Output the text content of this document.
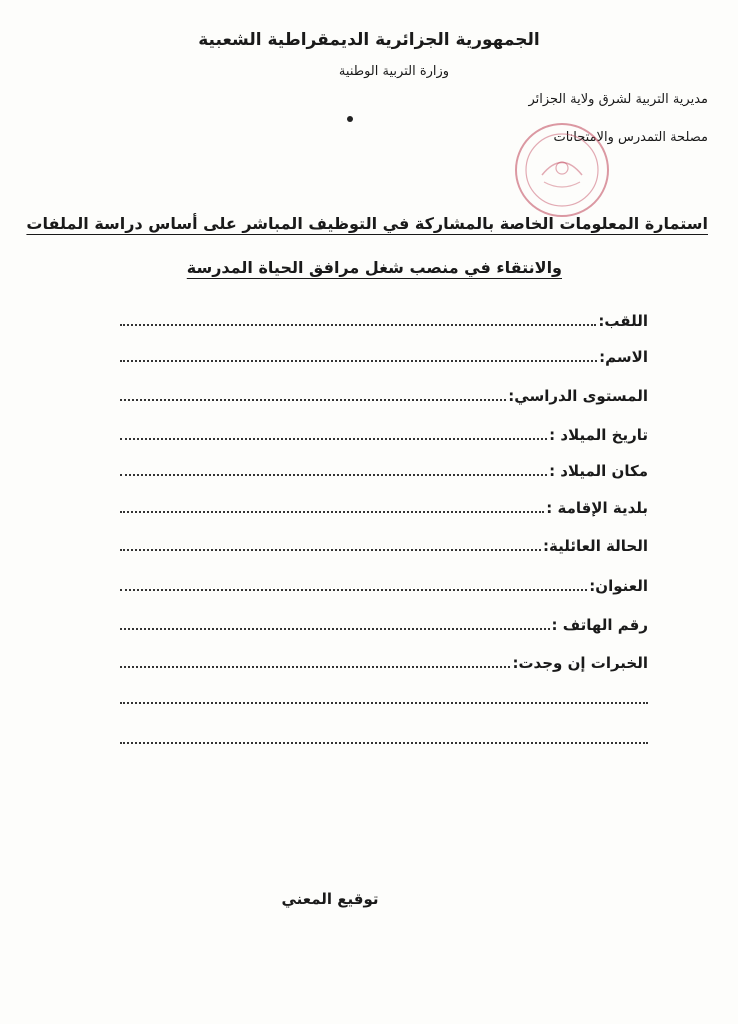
الجمهورية الجزائرية الديمقراطية الشعبية
وزارة التربية الوطنية
مديرية التربية لشرق ولاية الجزائر
مصلحة التمدرس والامتحانات
استمارة المعلومات الخاصة بالمشاركة في التوظيف المباشر على أساس دراسة الملفات
والانتقاء في منصب شغل مرافق الحياة المدرسة
اللقب:
الاسم:
المستوى الدراسي:
تاريخ الميلاد :
مكان الميلاد :
بلدية الإقامة :
الحالة العائلية:
العنوان:
رقم الهاتف :
الخبرات إن وجدت:
توقيع المعني
